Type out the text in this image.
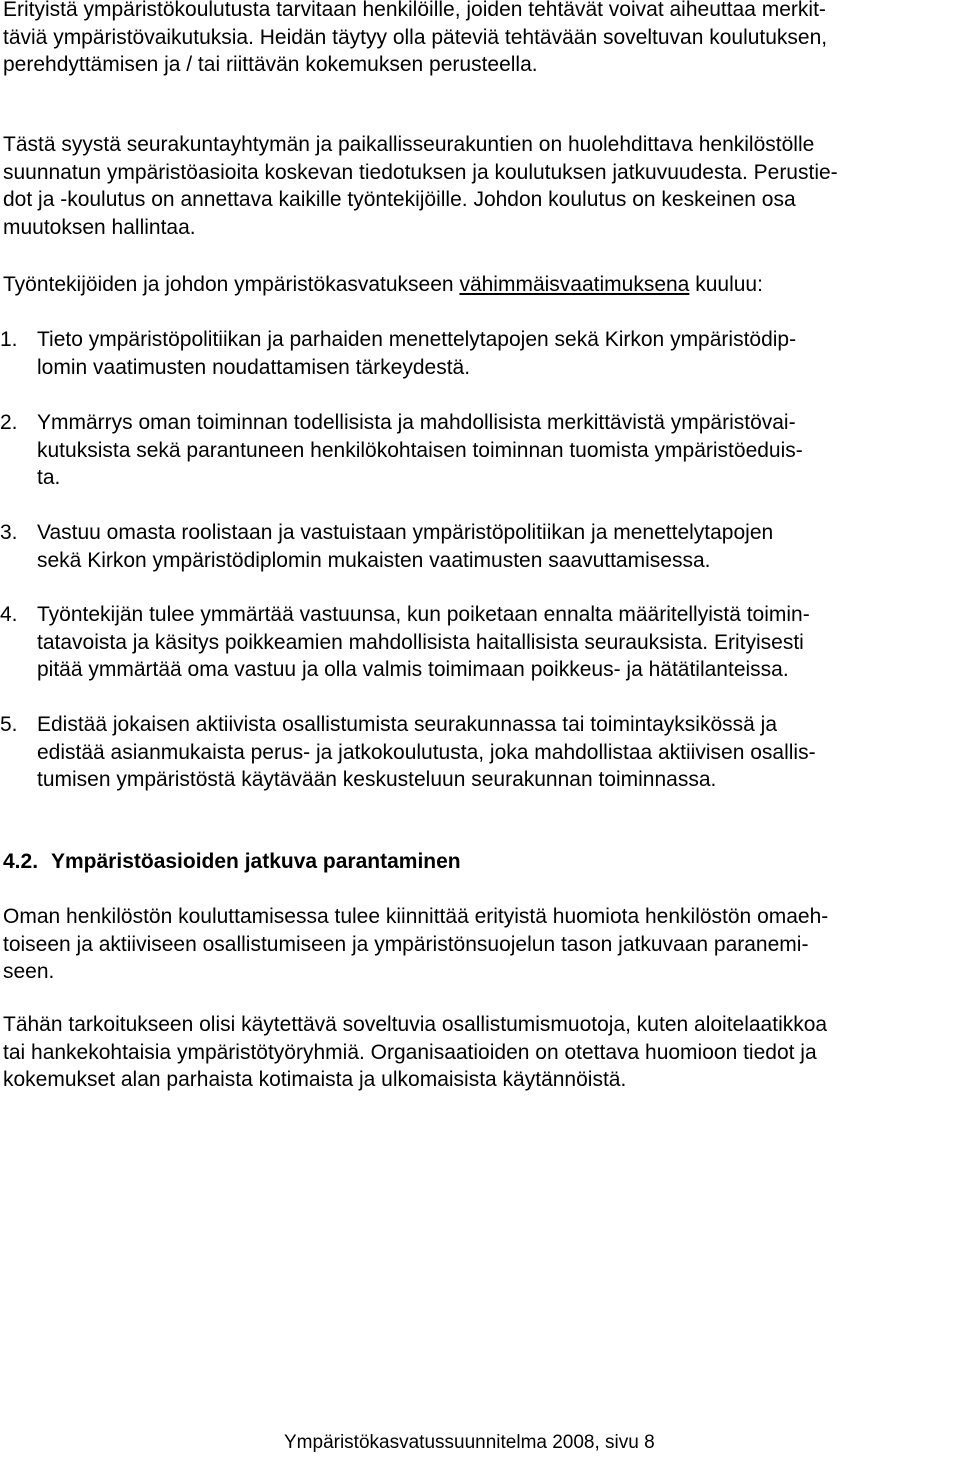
Erityistä ympäristökoulutusta tarvitaan henkilöille, joiden tehtävät voivat aiheuttaa merkit-
täviä ympäristövaikutuksia. Heidän täytyy olla päteviä tehtävään soveltuvan koulutuksen,
perehdyttämisen ja / tai riittävän kokemuksen perusteella.

Tästä syystä seurakuntayhtymän ja paikallisseurakuntien on huolehdittava henkilöstölle
suunnatun ympäristöasioita koskevan tiedotuksen ja koulutuksen jatkuvuudesta. Perustie-
dot ja -koulutus on annettava kaikille työntekijöille. Johdon koulutus on keskeinen osa
muutoksen hallintaa.

Työntekijöiden ja johdon ympäristökasvatukseen vähimmäisvaatimuksena kuuluu:

1. Tieto ympäristöpolitiikan ja parhaiden menettelytapojen sekä Kirkon ympäristödip-
lomin vaatimusten noudattamisen tärkeydestä.
2. Ymmärrys oman toiminnan todellisista ja mahdollisista merkittävistä ympäristövai-
kutuksista sekä parantuneen henkilökohtaisen toiminnan tuomista ympäristöeduis-
ta.
3. Vastuu omasta roolistaan ja vastuistaan ympäristöpolitiikan ja menettelytapojen
sekä Kirkon ympäristödiplomin mukaisten vaatimusten saavuttamisessa.
4. Työntekijän tulee ymmärtää vastuunsa, kun poiketaan ennalta määritellyistä toimin-
tatavoista ja käsitys poikkeamien mahdollisista haitallisista seurauksista. Erityisesti
pitää ymmärtää oma vastuu ja olla valmis toimimaan poikkeus- ja hätätilanteissa.
5. Edistää jokaisen aktiivista osallistumista seurakunnassa tai toimintayksikössä ja
edistää asianmukaista perus- ja jatkokoulutusta, joka mahdollistaa aktiivisen osallis-
tumisen ympäristöstä käytävään keskusteluun seurakunnan toiminnassa.
4.2. Ympäristöasioiden jatkuva parantaminen

Oman henkilöstön kouluttamisessa tulee kiinnittää erityistä huomiota henkilöstön omaeh-
toiseen ja aktiiviseen osallistumiseen ja ympäristönsuojelun tason jatkuvaan paranemi-
seen.

Tähän tarkoitukseen olisi käytettävä soveltuvia osallistumismuotoja, kuten aloitelaatikkoa
tai hankekohtaisia ympäristötyöryhmiä. Organisaatioiden on otettava huomioon tiedot ja
kokemukset alan parhaista kotimaista ja ulkomaisista käytännöistä.

Ympäristökasvatussuunnitelma 2008, sivu 8
